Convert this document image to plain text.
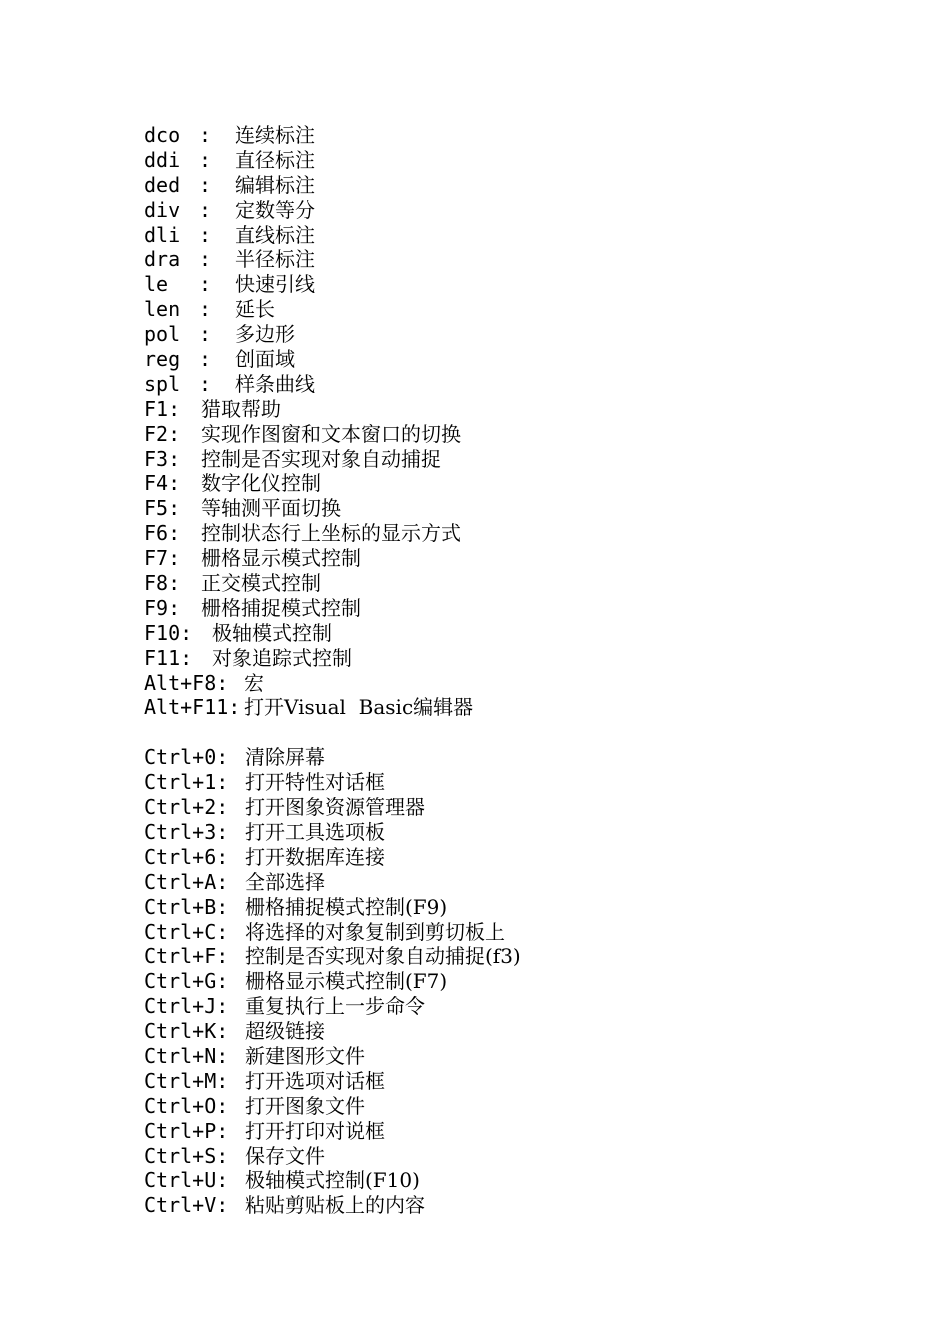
dco : 连续标注
ddi : 直径标注
ded : 编辑标注
div : 定数等分
dli : 直线标注
dra : 半径标注
le : 快速引线
len : 延长
pol : 多边形
reg : 创面域
spl : 样条曲线
F1: 猎取帮助
F2: 实现作图窗和文本窗口的切换
F3: 控制是否实现对象自动捕捉
F4: 数字化仪控制
F5: 等轴测平面切换
F6: 控制状态行上坐标的显示方式
F7: 栅格显示模式控制
F8: 正交模式控制
F9: 栅格捕捉模式控制
F10: 极轴模式控制
F11: 对象追踪式控制
Alt+F8: 宏
Alt+F11: 打开Visual  Basic编辑器
Ctrl+0: 清除屏幕
Ctrl+1: 打开特性对话框
Ctrl+2: 打开图象资源管理器
Ctrl+3: 打开工具选项板
Ctrl+6: 打开数据库连接
Ctrl+A: 全部选择
Ctrl+B: 栅格捕捉模式控制(F9)
Ctrl+C: 将选择的对象复制到剪切板上
Ctrl+F: 控制是否实现对象自动捕捉(f3)
Ctrl+G: 栅格显示模式控制(F7)
Ctrl+J: 重复执行上一步命令
Ctrl+K: 超级链接
Ctrl+N: 新建图形文件
Ctrl+M: 打开选项对话框
Ctrl+O: 打开图象文件
Ctrl+P: 打开打印对说框
Ctrl+S: 保存文件
Ctrl+U: 极轴模式控制(F10)
Ctrl+V: 粘贴剪贴板上的内容
